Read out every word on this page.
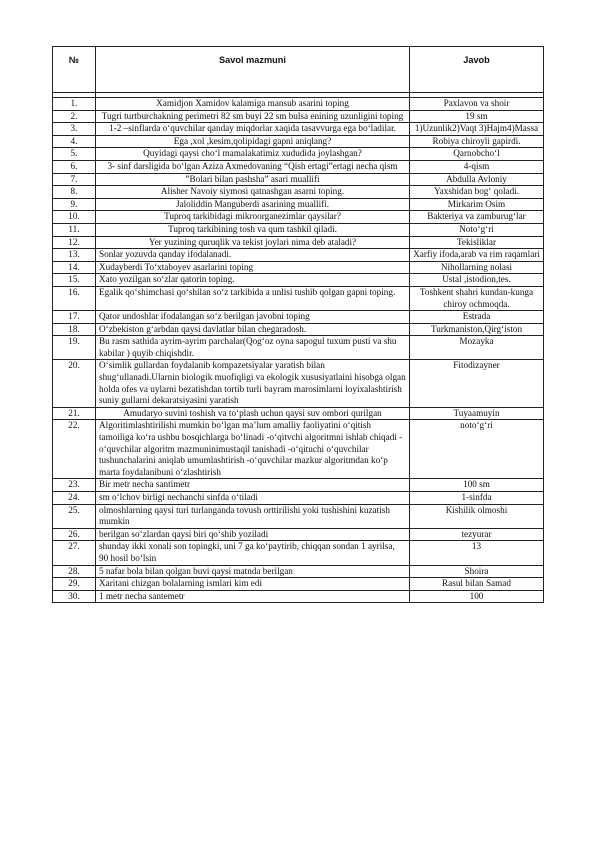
№	Savol mazmuni	Javob

1.	Xamidjon Xamidov kalamiga mansub asarini toping	Paxlavon va shoir
2.	Tugri turtburchakning perimetri 82 sm buyi 22 sm bulsa enining uzunligini toping	19 sm
3.	1-2 –sinflarda o‘quvchilar qanday miqdorlar xaqida tasavvurga ega bo‘ladilar.	1)Uzunlik2)Vaqt 3)Hajm4)Massa
4.	Ega ,xol ,kesim,qolipidagi gapni aniqlang?	Robiya chiroyli gapirdi.
5.	Quyidagi qaysi cho‘l mamalakatimiz xududida joylashgan?	Qarnobcho‘l
6.	3- sinf darsligida bo‘lgan Aziza Axmedovaning “Qish ertagi”ertagi necha qism	4-qism
7.	”Bolari bilan pashsha” asari muallifi	Abdulla Avloniy
8.	Alisher Navoiy siymosi qatnashgan asarni toping.	Yaxshidan bog‘ qoladi.
9.	Jaloliddin Manguberdi asarining muallifi.	Mirkarim Osim
10.	Tuproq tarkibidagi mikroorganezimlar qaysilar?	Bakteriya va zamburug‘lar
11.	Tuproq tarkibining tosh va qum tashkil qiladi.	Noto‘g‘ri
12.	Yer yuzining quruqlik va tekist joylari nima deb ataladi?	Tekisliklar
13.	Sonlar yozuvda qanday ifodalanadi.	Xarfiy ifoda,arab va rim raqamlari
14.	Xudayberdi To‘xtaboyev asarlarini toping	Nihollarning nolasi
15.	Xato yozilgan so‘zlar qatorin toping.	Ustal ,istodion,tes.
16.	Egalik qo‘shimchasi qo‘shilan so‘z tarkibida a unlisi tushib qolgan gapni toping.	Toshkent shahri kundan-kunga chiroy ochmoqda.
17.	Qator undoshlar ifodalangan so‘z berilgan javobni toping	Estrada
18.	O‘zbekiston g‘arbdan qaysi davlatlar bilan chegaradosh.	Turkmaniston,Qirg‘iston
19.	Bu rasm sathida ayrim-ayrim parchalar(Qog‘oz oyna sapogul tuxum pusti va shu kabilar ) quyib chiqishdir.	Mozayka
20.	O‘simlik gullardan foydalanib kompazetsiyalar yaratish bilan shug‘ullanadi.Ularnin biologik muofiqligi va ekologik xususiyatlaini hisobga olgan holda ofes va uylarni bezatishdan tortib turli bayram marosimlarni loyixalashtirish suniy gullarni dekaratsiyasini yaratish	Fitodizayner
21.	Amudaryo suvini toshish va to‘plash uchun qaysi suv ombori qurilgan	Tuyaamuyin
22.	Algoritimlashtirilishi mumkin bo‘lgan ma’lum amalliy faoliyatini o‘qitish tamoiliga ko‘ra ushbu bosqichlarga bo‘linadi -o‘qitvchi algoritmni ishlab chiqadi -o‘quvchilar algoritm mazmuninimustaqil tanishadi -o‘qituchi o‘quvchilar tushunchalarini aniqlab umumlashtirish -o‘quvchilar mazkur algoritmdan ko‘p marta foydalanibuni o‘zlashtirish	noto‘g‘ri
23.	Bir metr necha santimetr	100 sm
24.	sm o‘lchov birligi nechanchi sinfda o‘tiladi	1-sinfda
25.	olmoshlarning qaysi turi turlanganda tovush orttirilishi yoki tushishini kuzatish mumkin	Kishilik olmoshi
26.	berilgan so‘zlardan qaysi biri qo‘shib yoziladi	tezyurar
27.	shunday ikki xonali son topingki, uni 7 ga ko‘paytirib, chiqqan sondan 1 ayrilsa, 90 hosil bo‘lsin	13
28.	5 nafar bola bilan qolgan buvi qaysi matnda berilgan	Shoira
29.	Xaritani chizgan bolalarning ismlari kim edi	Rasul bilan Samad
30.	1 metr necha santemetr	100
